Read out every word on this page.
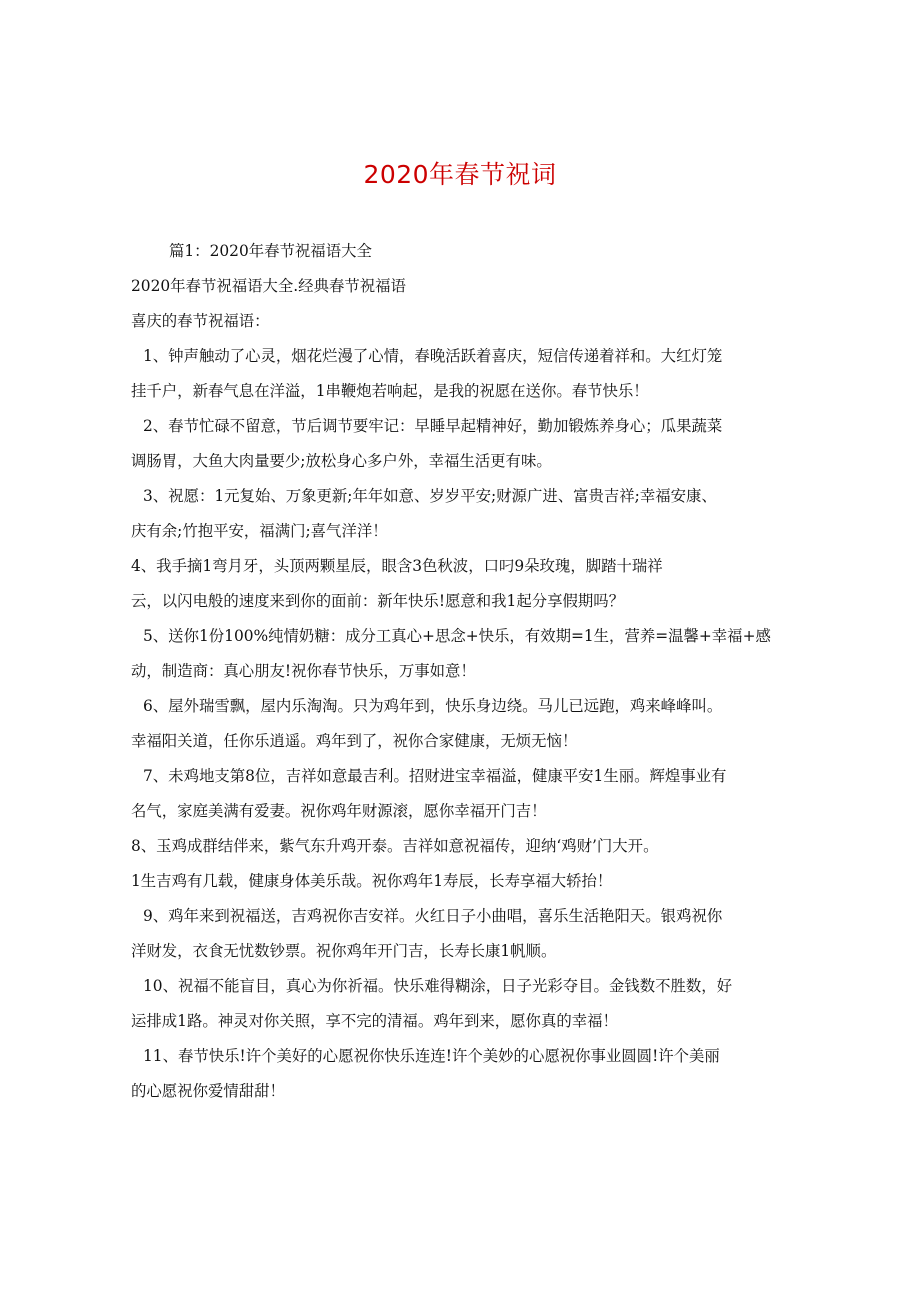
2020年春节祝词
篇1：2020年春节祝福语大全
2020年春节祝福语大全.经典春节祝福语
喜庆的春节祝福语：
1、钟声触动了心灵，烟花烂漫了心情，春晚活跃着喜庆，短信传递着祥和。大红灯笼
挂千户，新春气息在洋溢，1串鞭炮若响起，是我的祝愿在送你。春节快乐！
2、春节忙碌不留意，节后调节要牢记：早睡早起精神好，勤加锻炼养身心；瓜果蔬菜
调肠胃，大鱼大肉量要少;放松身心多户外，幸福生活更有味。
3、祝愿：1元复始、万象更新;年年如意、岁岁平安;财源广进、富贵吉祥;幸福安康、
庆有余;竹抱平安，福满门;喜气洋洋！
4、我手摘1弯月牙，头顶两颗星辰，眼含3色秋波，口叼9朵玫瑰，脚踏十瑞祥
云，以闪电般的速度来到你的面前：新年快乐!愿意和我1起分享假期吗？
5、送你1份100%纯情奶糖：成分工真心+思念+快乐，有效期=1生，营养=温馨+幸福+感
动，制造商：真心朋友!祝你春节快乐，万事如意！
6、屋外瑞雪飘，屋内乐淘淘。只为鸡年到，快乐身边绕。马儿已远跑，鸡来峰峰叫。
幸福阳关道，任你乐逍遥。鸡年到了，祝你合家健康，无烦无恼！
7、未鸡地支第8位，吉祥如意最吉利。招财进宝幸福溢，健康平安1生丽。辉煌事业有
名气，家庭美满有爱妻。祝你鸡年财源滚，愿你幸福开门吉！
8、玉鸡成群结伴来，紫气东升鸡开泰。吉祥如意祝福传，迎纳‘鸡财’门大开。
1生吉鸡有几载，健康身体美乐哉。祝你鸡年1寿辰，长寿享福大轿抬！
9、鸡年来到祝福送，吉鸡祝你吉安祥。火红日子小曲唱，喜乐生活艳阳天。银鸡祝你
洋财发，衣食无忧数钞票。祝你鸡年开门吉，长寿长康1帆顺。
10、祝福不能盲目，真心为你祈福。快乐难得糊涂，日子光彩夺目。金钱数不胜数，好
运排成1路。神灵对你关照，享不完的清福。鸡年到来，愿你真的幸福！
11、春节快乐!许个美好的心愿祝你快乐连连!许个美妙的心愿祝你事业圆圆!许个美丽
的心愿祝你爱情甜甜！
